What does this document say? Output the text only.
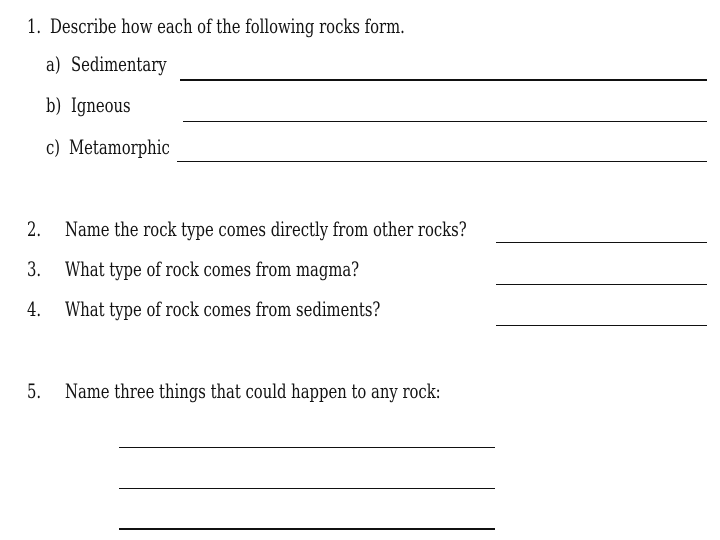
1. Describe how each of the following rocks form.
a) Sedimentary
b) Igneous
c) Metamorphic
2. Name the rock type comes directly from other rocks?
3. What type of rock comes from magma?
4. What type of rock comes from sediments?
5. Name three things that could happen to any rock:
